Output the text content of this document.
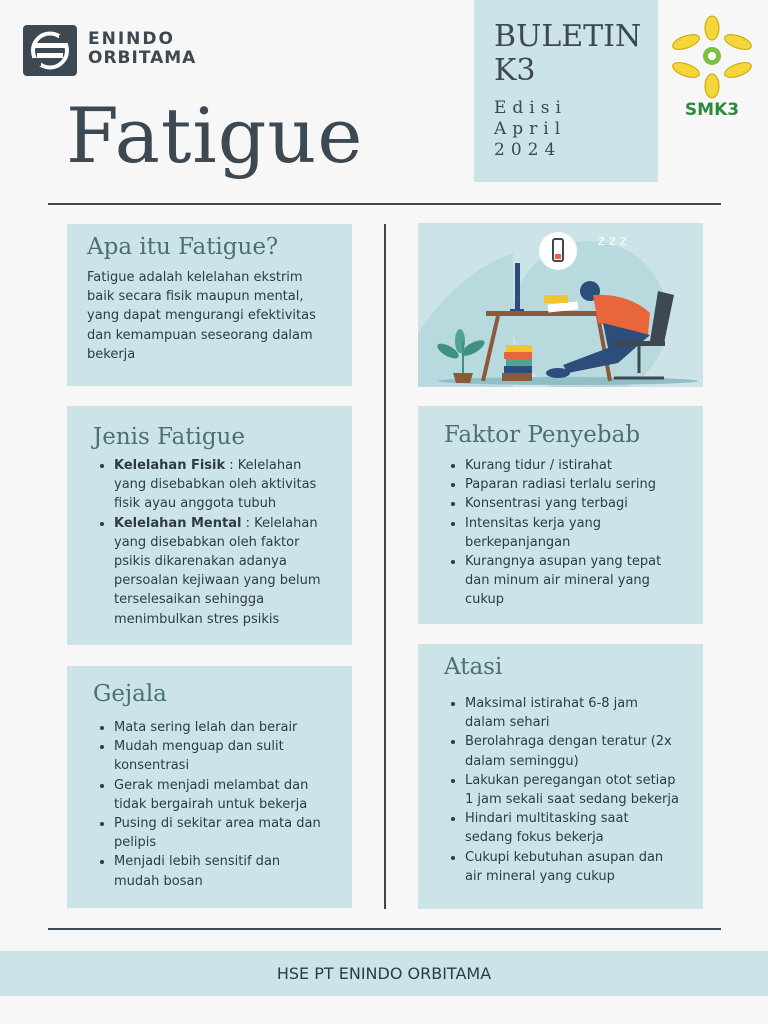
ENINDO
ORBITAMA
Fatigue
BULETIN
K3
Edisi
April
2024
SMK3
Apa itu Fatigue?

Fatigue adalah kelelahan ekstrim baik secara fisik maupun mental, yang dapat mengurangi efektivitas dan kemampuan seseorang dalam bekerja

Jenis Fatigue
• Kelelahan Fisik : Kelelahan yang disebabkan oleh aktivitas fisik ayau anggota tubuh
• Kelelahan Mental : Kelelahan yang disebabkan oleh faktor psikis dikarenakan adanya persoalan kejiwaan yang belum terselesaikan sehingga menimbulkan stres psikis
Gejala
• Mata sering lelah dan berair
• Mudah menguap dan sulit konsentrasi
• Gerak menjadi melambat dan tidak bergairah untuk bekerja
• Pusing di sekitar area mata dan pelipis
• Menjadi lebih sensitif dan mudah bosan
z z z
Faktor Penyebab
• Kurang tidur / istirahat
• Paparan radiasi terlalu sering
• Konsentrasi yang terbagi
• Intensitas kerja yang berkepanjangan
• Kurangnya asupan yang tepat dan minum air mineral yang cukup
Atasi
• Maksimal istirahat 6-8 jam dalam sehari
• Berolahraga dengan teratur (2x dalam seminggu)
• Lakukan peregangan otot setiap 1 jam sekali saat sedang bekerja
• Hindari multitasking saat sedang fokus bekerja
• Cukupi kebutuhan asupan dan air mineral yang cukup
HSE PT ENINDO ORBITAMA
